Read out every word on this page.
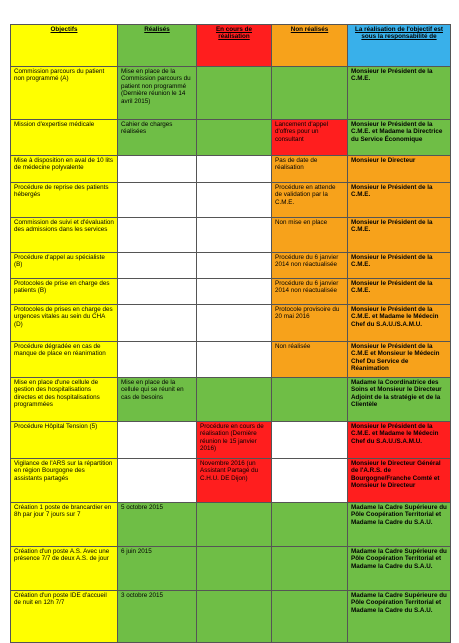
Objectifs	Réalisés	En cours de réalisation	Non réalisés	La réalisation de l'objectif est sous la responsabilité de
Commission parcours du patient non programmé (A)	Mise en place de la Commission parcours du patient non programmé (Dernière réunion le 14 avril 2015)			Monsieur le Président de la C.M.E.
Mission d'expertise médicale	Cahier de charges réalisées		Lancement d'appel d'offres pour un consultant	Monsieur le Président de la C.M.E. et Madame la Directrice du Service Économique
Mise à disposition en aval de 10 lits de médecine polyvalente			Pas de date de réalisation	Monsieur le Directeur
Procédure de reprise des patients hébergés			Procédure en attende de validation par la C.M.E.	Monsieur le Président de la C.M.E.
Commission de suivi et d'évaluation des admissions dans les services			Non mise en place	Monsieur le Président de la C.M.E.
Procédure d'appel au spécialiste (B)			Procédure du 6 janvier 2014 non réactualisée	Monsieur le Président de la C.M.E.
Protocoles de prise en charge des patients (B)			Procédure du 6 janvier 2014 non réactualisée	Monsieur le Président de la C.M.E.
Protocoles de prises en charge des urgences vitales au sein du CHA (D)			Protocole provisoire du 20 mai 2016	Monsieur le Président de la C.M.E. et Madame le Médecin Chef du S.A.U./S.A.M.U.
Procédure dégradée en cas de manque de place en réanimation			Non réalisée	Monsieur le Président de la C.M.E et Monsieur le Médecin Chef Du Service de Réanimation
Mise en place d'une cellule de gestion des hospitalisations directes et des hospitalisations programmées	Mise en place de la cellule qui se réunit en cas de besoins			Madame la Coordinatrice des Soins et Monsieur le Directeur Adjoint de la stratégie et de la Clientèle
Procédure Hôpital Tension (5)		Procédure en cours de réalisation (Dernière réunion le 15 janvier 2016)		Monsieur le Président de la C.M.E. et Madame le Médecin Chef du S.A.U./S.A.M.U.
Vigilance de l'ARS sur la répartition en région Bourgogne des assistants partagés		Novembre 2016 (un Assistant Partagé du C.H.U. DE Dijon)		Monsieur le Directeur Général de l'A.R.S. de Bourgogne/Franche Comté et Monsieur le Directeur
Création 1 poste de brancardier en 8h par jour 7 jours sur 7	5 octobre 2015			Madame la Cadre Supérieure du Pôle Coopération Territorial et Madame la Cadre du S.A.U.
Création d'un poste A.S. Avec une présence 7/7 de deux A.S. de jour	6 juin 2015			Madame la Cadre Supérieure du Pôle Coopération Territorial et Madame la Cadre du S.A.U.
Création d'un poste IDE d'accueil de nuit en 12h 7/7	3 octobre 2015			Madame la Cadre Supérieure du Pôle Coopération Territorial et Madame la Cadre du S.A.U.
